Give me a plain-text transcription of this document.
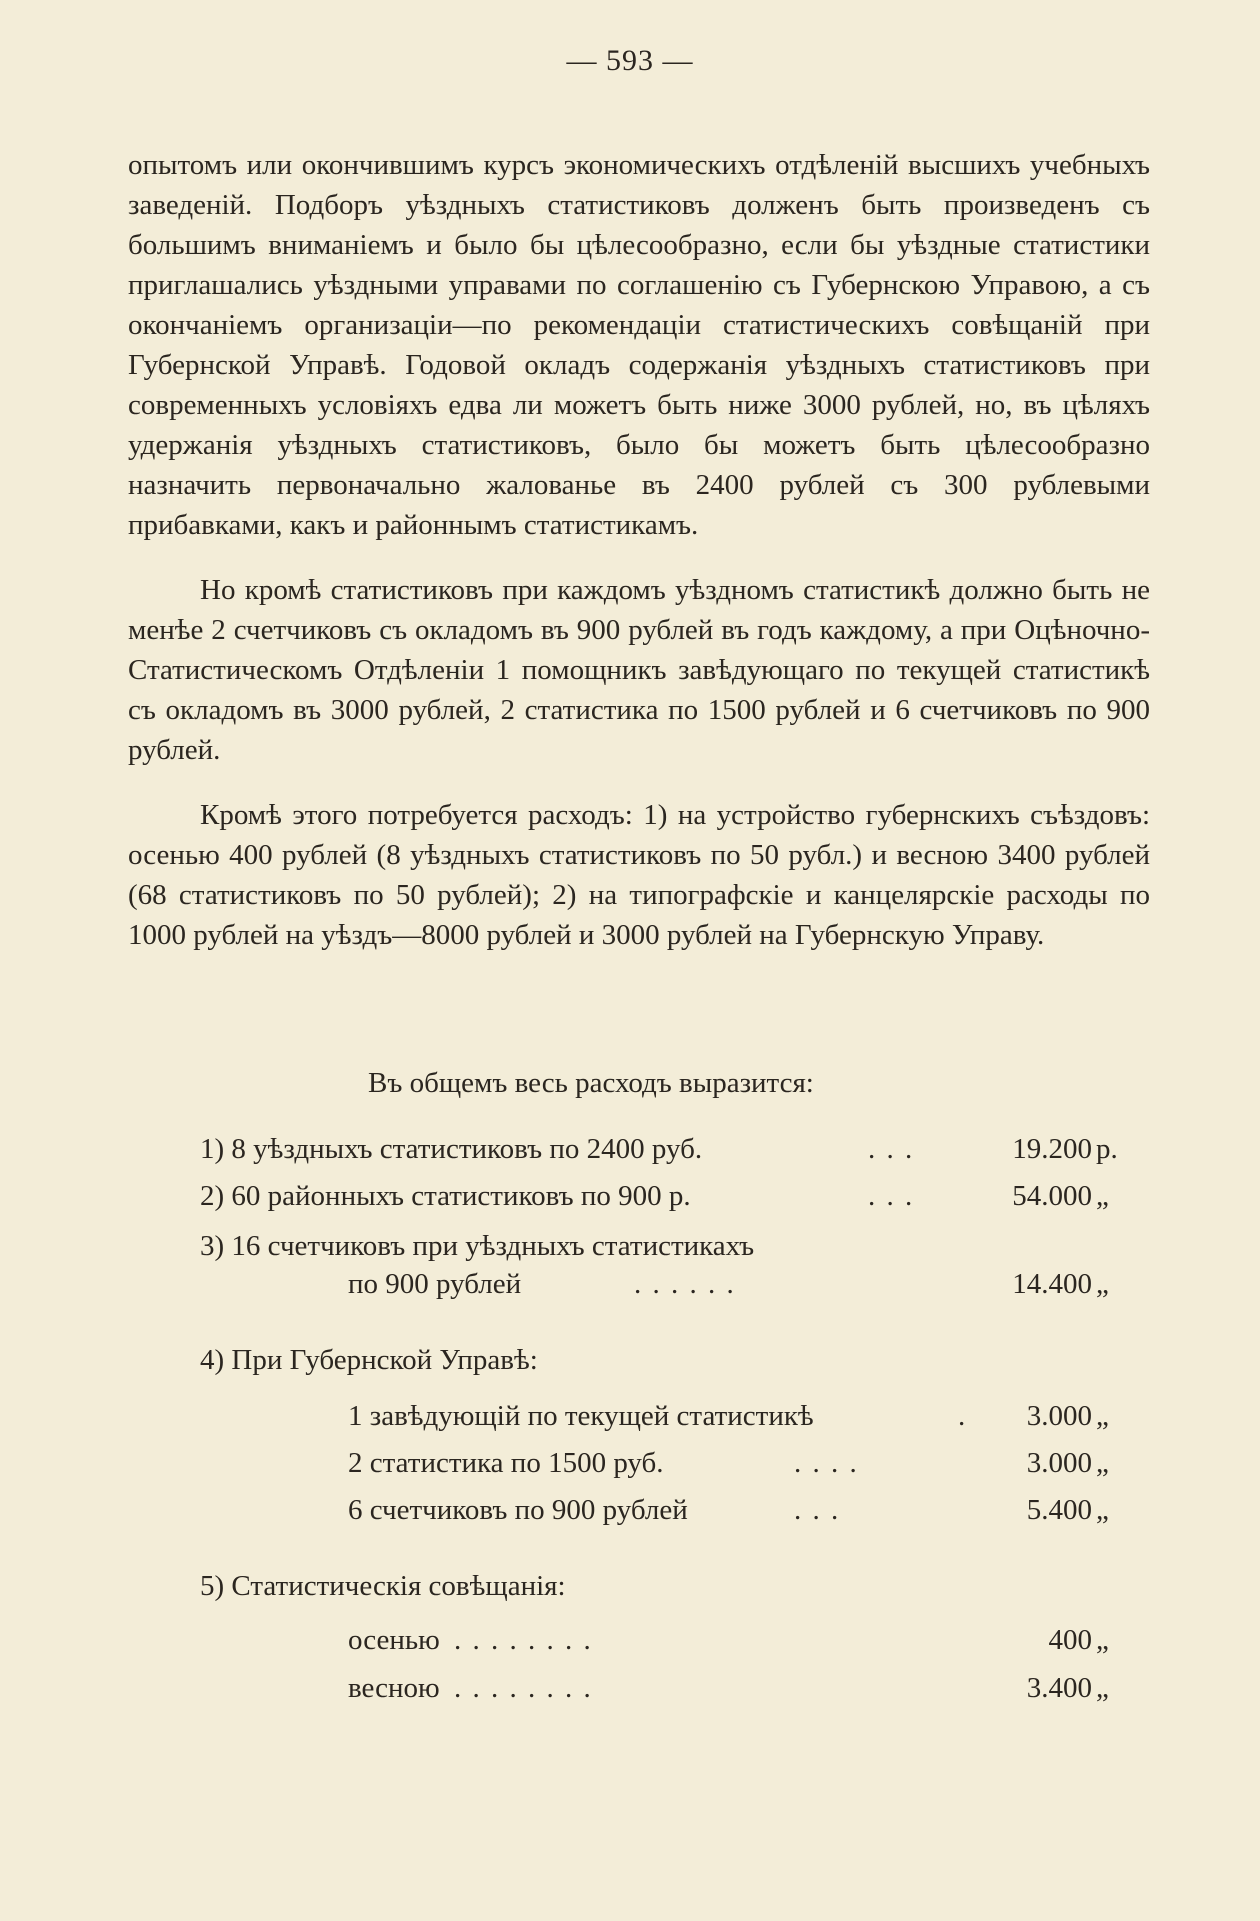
— 593 —

опытомъ или окончившимъ курсъ экономическихъ отдѣленій высшихъ учебныхъ заведеній. Подборъ уѣздныхъ статистиковъ долженъ быть произведенъ съ большимъ вниманіемъ и было бы цѣлесообразно, если бы уѣздные статистики приглашались уѣздными управами по соглашенію съ Губернскою Управою, а съ окончаніемъ организаціи—по рекомендаціи статистическихъ совѣщаній при Губернской Управѣ. Годовой окладъ содержанія уѣздныхъ статистиковъ при современныхъ условіяхъ едва ли можетъ быть ниже 3000 рублей, но, въ цѣляхъ удержанія уѣздныхъ статистиковъ, было бы можетъ быть цѣлесообразно назначить первоначально жалованье въ 2400 рублей съ 300 рублевыми прибавками, какъ и районнымъ статистикамъ.

Но кромѣ статистиковъ при каждомъ уѣздномъ статистикѣ должно быть не менѣе 2 счетчиковъ съ окладомъ въ 900 рублей въ годъ каждому, а при Оцѣночно-Статистическомъ Отдѣленіи 1 помощникъ завѣдующаго по текущей статистикѣ съ окладомъ въ 3000 рублей, 2 статистика по 1500 рублей и 6 счетчиковъ по 900 рублей.

Кромѣ этого потребуется расходъ: 1) на устройство губернскихъ съѣздовъ: осенью 400 рублей (8 уѣздныхъ статистиковъ по 50 рубл.) и весною 3400 рублей (68 статистиковъ по 50 рублей); 2) на типографскіе и канцелярскіе расходы по 1000 рублей на уѣздъ—8000 рублей и 3000 рублей на Губернскую Управу.

Въ общемъ весь расходъ выразится:
1) 8 уѣздныхъ статистиковъ по 2400 руб.	. . .	19.200 р.
2) 60 районныхъ статистиковъ по 900 р.	. . .	54.000 „
3) 16 счетчиковъ при уѣздныхъ статистикахъ
по 900 рублей	. . . . . .	14.400 „
4) При Губернской Управѣ:
1 завѣдующій по текущей статистикѣ	. 3.000 „
2 статистика по 1500 руб.	. . . .	3.000 „
6 счетчиковъ по 900 рублей	. . .	5.400 „
5) Статистическія совѣщанія:
осенью . . . . . . . .	400 „
весною . . . . . . . .	3.400 „
